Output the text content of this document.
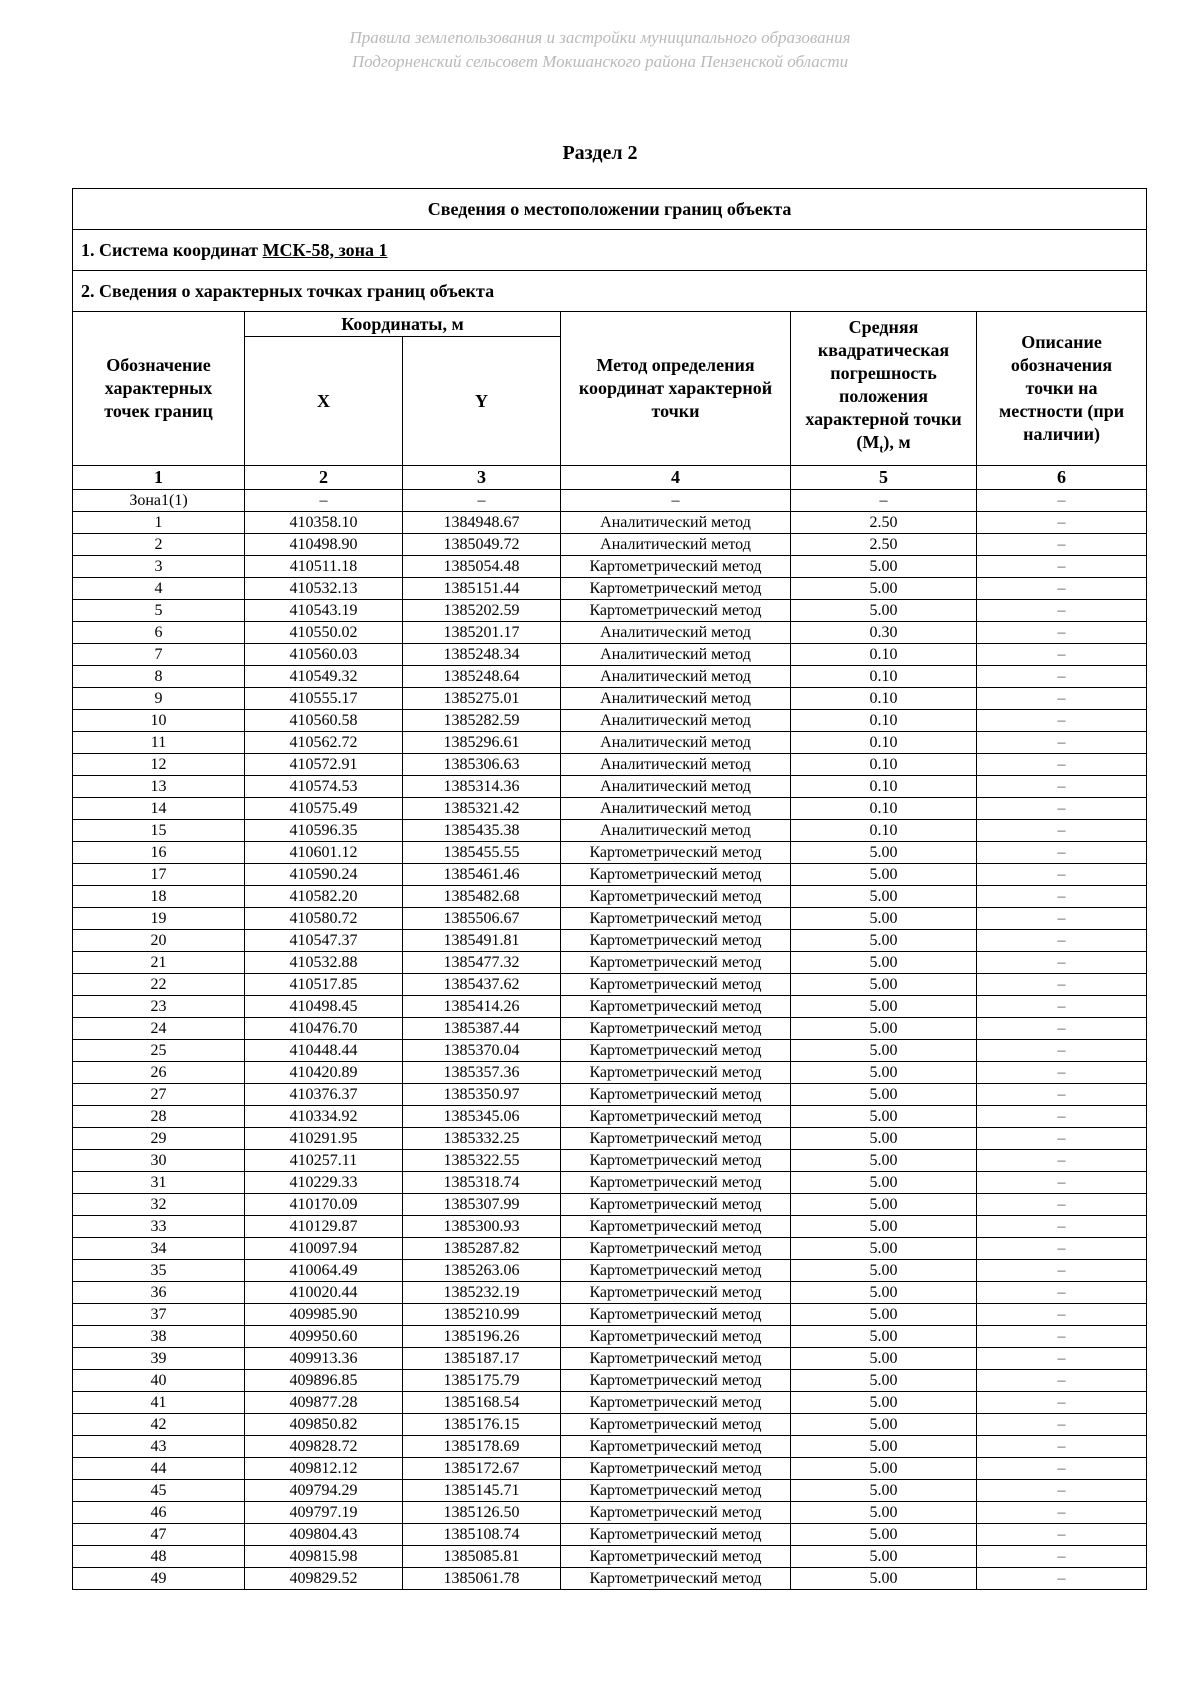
Правила землепользования и застройки муниципального образования
Подгорненский сельсовет Мокшанского района Пензенской области
Раздел 2
Сведения о местоположении границ объекта					
1. Система координат МСК-58, зона 1					
2. Сведения о характерных точках границ объекта					
Обозначение характерных точек границ	Координаты, м		Метод определения координат характерной точки	Средняя квадратическая погрешность положения характерной точки $(M_t)$, м	Описание обозначения точки на местности (при наличии)
	X	Y			
1	2	3	4	5	6
Зона1(1)	–	–	–	–	–
1	410358.10	1384948.67	Аналитический метод	2.50	–
2	410498.90	1385049.72	Аналитический метод	2.50	–
3	410511.18	1385054.48	Картометрический метод	5.00	–
4	410532.13	1385151.44	Картометрический метод	5.00	–
5	410543.19	1385202.59	Картометрический метод	5.00	–
6	410550.02	1385201.17	Аналитический метод	0.30	–
7	410560.03	1385248.34	Аналитический метод	0.10	–
8	410549.32	1385248.64	Аналитический метод	0.10	–
9	410555.17	1385275.01	Аналитический метод	0.10	–
10	410560.58	1385282.59	Аналитический метод	0.10	–
11	410562.72	1385296.61	Аналитический метод	0.10	–
12	410572.91	1385306.63	Аналитический метод	0.10	–
13	410574.53	1385314.36	Аналитический метод	0.10	–
14	410575.49	1385321.42	Аналитический метод	0.10	–
15	410596.35	1385435.38	Аналитический метод	0.10	–
16	410601.12	1385455.55	Картометрический метод	5.00	–
17	410590.24	1385461.46	Картометрический метод	5.00	–
18	410582.20	1385482.68	Картометрический метод	5.00	–
19	410580.72	1385506.67	Картометрический метод	5.00	–
20	410547.37	1385491.81	Картометрический метод	5.00	–
21	410532.88	1385477.32	Картометрический метод	5.00	–
22	410517.85	1385437.62	Картометрический метод	5.00	–
23	410498.45	1385414.26	Картометрический метод	5.00	–
24	410476.70	1385387.44	Картометрический метод	5.00	–
25	410448.44	1385370.04	Картометрический метод	5.00	–
26	410420.89	1385357.36	Картометрический метод	5.00	–
27	410376.37	1385350.97	Картометрический метод	5.00	–
28	410334.92	1385345.06	Картометрический метод	5.00	–
29	410291.95	1385332.25	Картометрический метод	5.00	–
30	410257.11	1385322.55	Картометрический метод	5.00	–
31	410229.33	1385318.74	Картометрический метод	5.00	–
32	410170.09	1385307.99	Картометрический метод	5.00	–
33	410129.87	1385300.93	Картометрический метод	5.00	–
34	410097.94	1385287.82	Картометрический метод	5.00	–
35	410064.49	1385263.06	Картометрический метод	5.00	–
36	410020.44	1385232.19	Картометрический метод	5.00	–
37	409985.90	1385210.99	Картометрический метод	5.00	–
38	409950.60	1385196.26	Картометрический метод	5.00	–
39	409913.36	1385187.17	Картометрический метод	5.00	–
40	409896.85	1385175.79	Картометрический метод	5.00	–
41	409877.28	1385168.54	Картометрический метод	5.00	–
42	409850.82	1385176.15	Картометрический метод	5.00	–
43	409828.72	1385178.69	Картометрический метод	5.00	–
44	409812.12	1385172.67	Картометрический метод	5.00	–
45	409794.29	1385145.71	Картометрический метод	5.00	–
46	409797.19	1385126.50	Картометрический метод	5.00	–
47	409804.43	1385108.74	Картометрический метод	5.00	–
48	409815.98	1385085.81	Картометрический метод	5.00	–
49	409829.52	1385061.78	Картометрический метод	5.00	–
